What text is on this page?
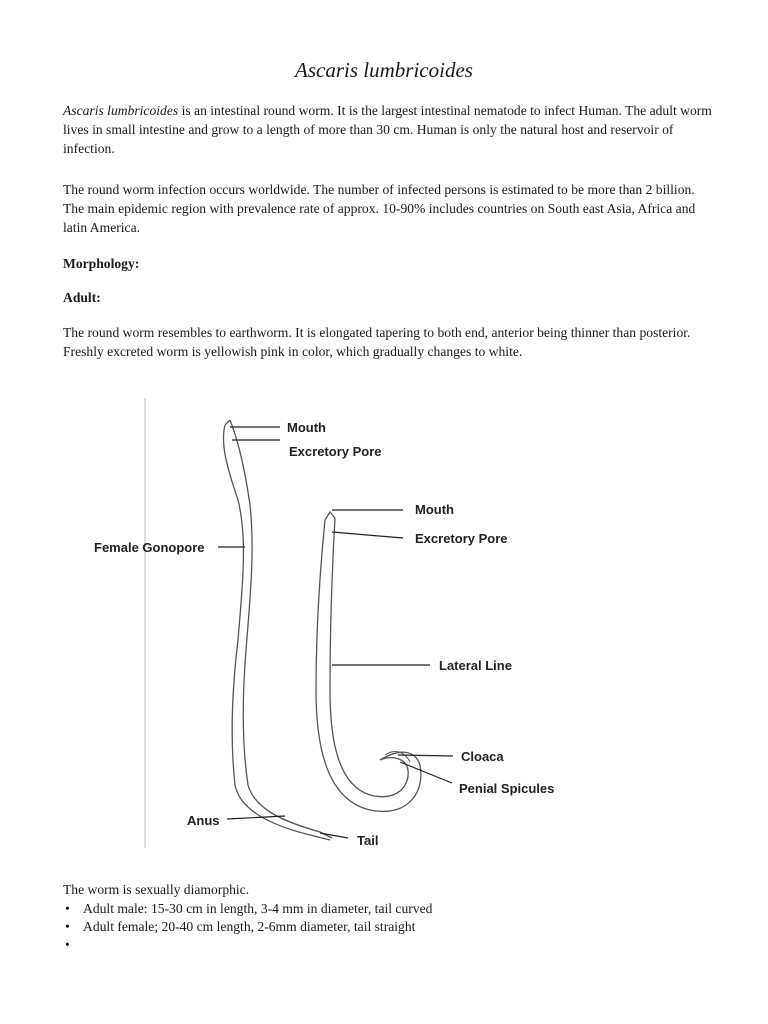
Ascaris lumbricoides

Ascaris lumbricoides is an intestinal round worm. It is the largest intestinal nematode to infect Human. The adult worm lives in small intestine and grow to a length of more than 30 cm. Human is only the natural host and reservoir of infection.

The round worm infection occurs worldwide. The number of infected persons is estimated to be more than 2 billion. The main epidemic region with prevalence rate of approx. 10-90% includes countries on South east Asia, Africa and latin America.

Morphology:
Adult:

The round worm resembles to earthworm. It is elongated tapering to both end, anterior being thinner than posterior. Freshly excreted worm is yellowish pink in color, which gradually changes to white.

Mouth
Excretory Pore
Female Gonopore
Anus
Mouth
Excretory Pore
Lateral Line
Cloaca
Penial Spicules
Tail
The worm is sexually diamorphic.
• Adult male: 15-30 cm in length, 3-4 mm in diameter, tail curved
• Adult female; 20-40 cm length, 2-6mm diameter, tail straight
•
